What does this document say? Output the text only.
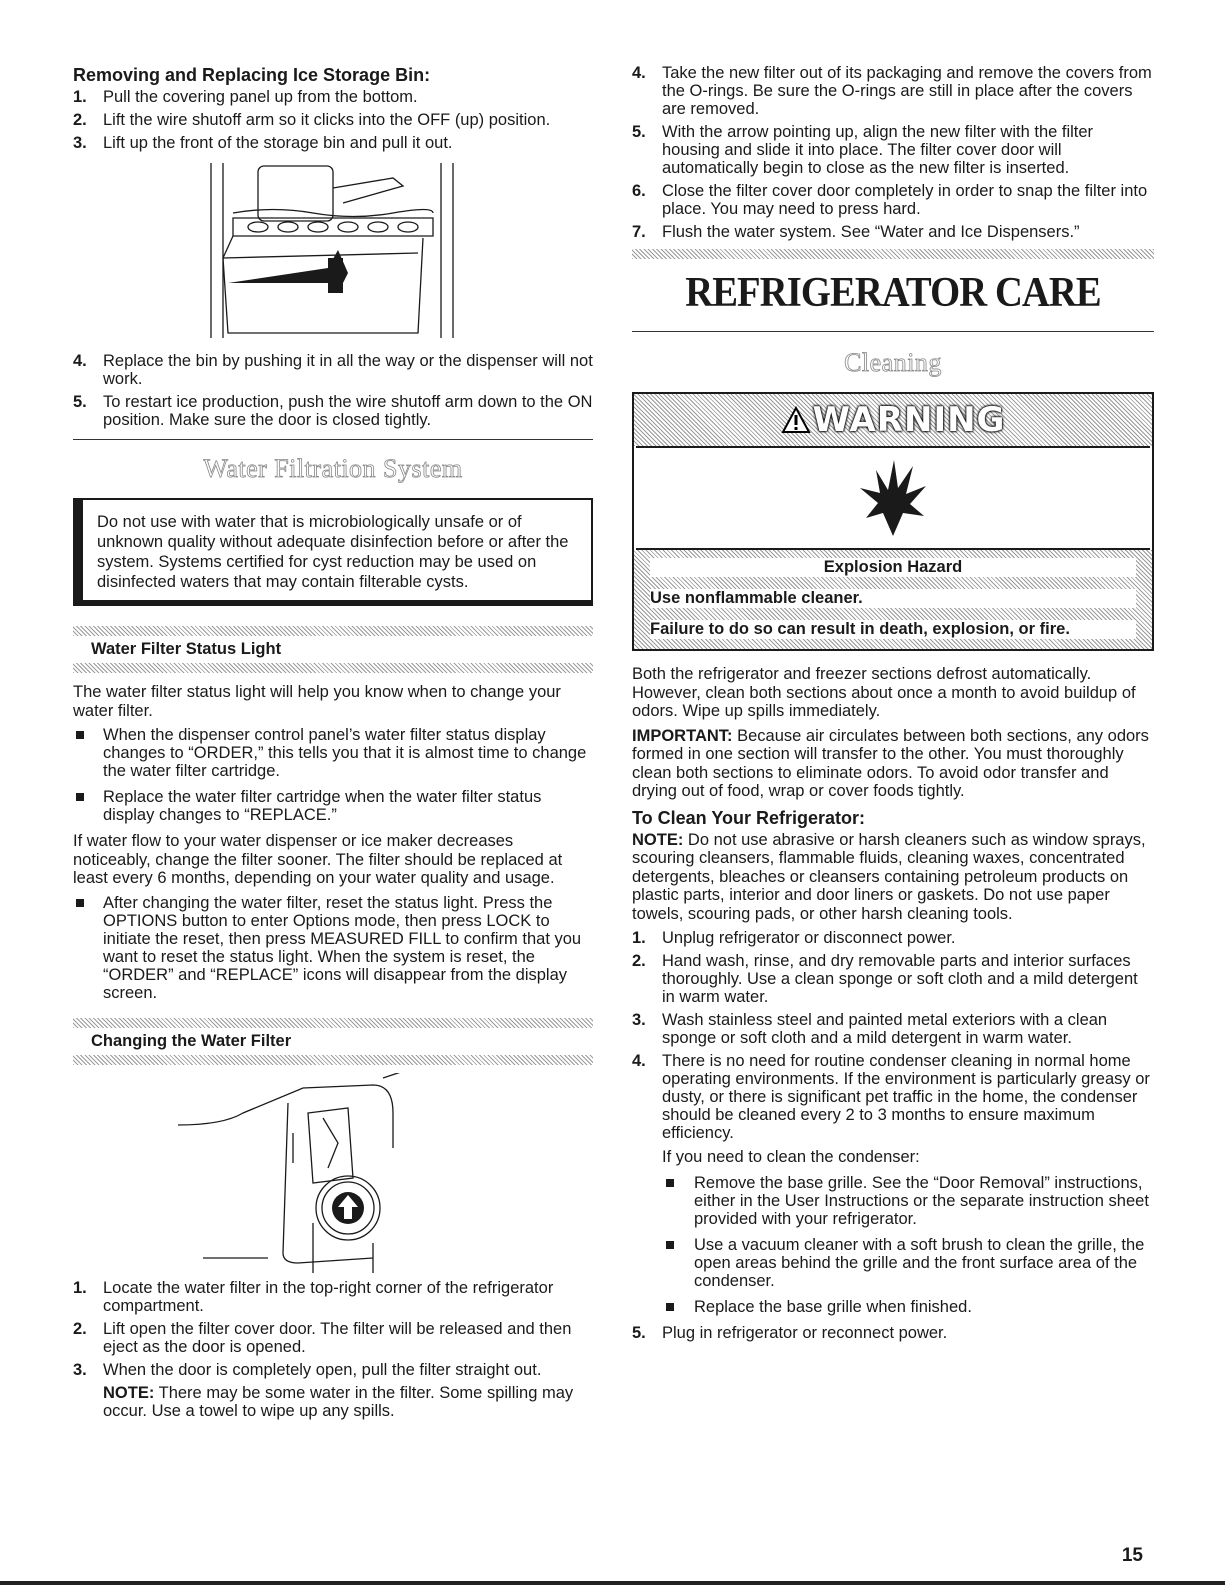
Removing and Replacing Ice Storage Bin:
1. Pull the covering panel up from the bottom.
2. Lift the wire shutoff arm so it clicks into the OFF (up) position.
3. Lift up the front of the storage bin and pull it out.
4. Replace the bin by pushing it in all the way or the dispenser will not work.
5. To restart ice production, push the wire shutoff arm down to the ON position. Make sure the door is closed tightly.
Water Filtration System

Do not use with water that is microbiologically unsafe or of unknown quality without adequate disinfection before or after the system. Systems certified for cyst reduction may be used on disinfected waters that may contain filterable cysts.

Water Filter Status Light

The water filter status light will help you know when to change your water filter.

When the dispenser control panel’s water filter status display changes to “ORDER,” this tells you that it is almost time to change the water filter cartridge.
Replace the water filter cartridge when the water filter status display changes to “REPLACE.”

If water flow to your water dispenser or ice maker decreases noticeably, change the filter sooner. The filter should be replaced at least every 6 months, depending on your water quality and usage.

After changing the water filter, reset the status light. Press the OPTIONS button to enter Options mode, then press LOCK to initiate the reset, then press MEASURED FILL to confirm that you want to reset the status light. When the system is reset, the “ORDER” and “REPLACE” icons will disappear from the display screen.
Changing the Water Filter
1. Locate the water filter in the top-right corner of the refrigerator compartment.
2. Lift open the filter cover door. The filter will be released and then eject as the door is opened.
3. When the door is completely open, pull the filter straight out.

NOTE: There may be some water in the filter. Some spilling may occur. Use a towel to wipe up any spills.

4. Take the new filter out of its packaging and remove the covers from the O-rings. Be sure the O-rings are still in place after the covers are removed.
5. With the arrow pointing up, align the new filter with the filter housing and slide it into place. The filter cover door will automatically begin to close as the new filter is inserted.
6. Close the filter cover door completely in order to snap the filter into place. You may need to press hard.
7. Flush the water system. See “Water and Ice Dispensers.”
REFRIGERATOR CARE
Cleaning
WARNING
Explosion Hazard
Use nonflammable cleaner.
Failure to do so can result in death, explosion, or fire.

Both the refrigerator and freezer sections defrost automatically. However, clean both sections about once a month to avoid buildup of odors. Wipe up spills immediately.

IMPORTANT: Because air circulates between both sections, any odors formed in one section will transfer to the other. You must thoroughly clean both sections to eliminate odors. To avoid odor transfer and drying out of food, wrap or cover foods tightly.

To Clean Your Refrigerator:

NOTE: Do not use abrasive or harsh cleaners such as window sprays, scouring cleansers, flammable fluids, cleaning waxes, concentrated detergents, bleaches or cleansers containing petroleum products on plastic parts, interior and door liners or gaskets. Do not use paper towels, scouring pads, or other harsh cleaning tools.

1. Unplug refrigerator or disconnect power.
2. Hand wash, rinse, and dry removable parts and interior surfaces thoroughly. Use a clean sponge or soft cloth and a mild detergent in warm water.
3. Wash stainless steel and painted metal exteriors with a clean sponge or soft cloth and a mild detergent in warm water.
4. There is no need for routine condenser cleaning in normal home operating environments. If the environment is particularly greasy or dusty, or there is significant pet traffic in the home, the condenser should be cleaned every 2 to 3 months to ensure maximum efficiency.
If you need to clean the condenser:
Remove the base grille. See the “Door Removal” instructions, either in the User Instructions or the separate instruction sheet provided with your refrigerator.
Use a vacuum cleaner with a soft brush to clean the grille, the open areas behind the grille and the front surface area of the condenser.
Replace the base grille when finished.
5. Plug in refrigerator or reconnect power.
15
